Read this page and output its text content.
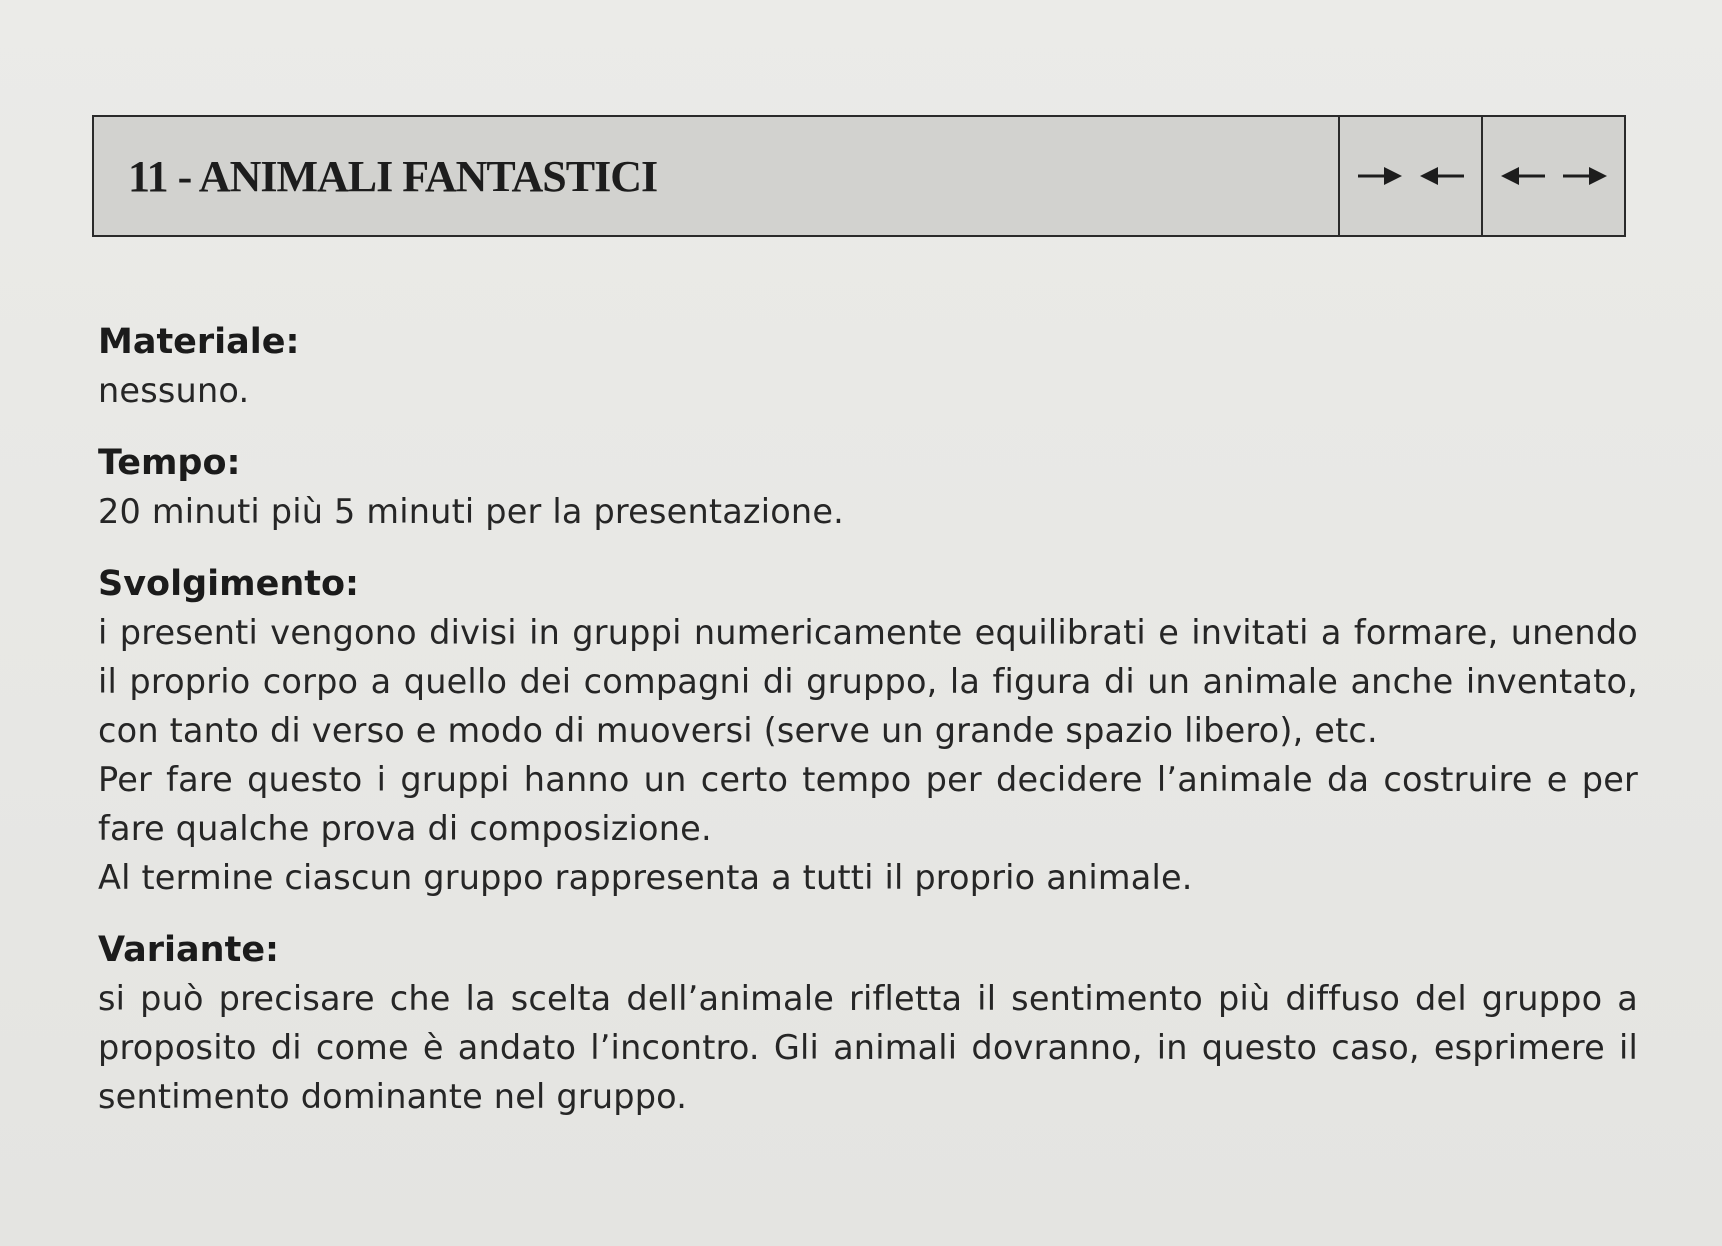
11 - ANIMALI FANTASTICI
Materiale:
nessuno.
Tempo:
20 minuti più 5 minuti per la presentazione.
Svolgimento:
i presenti vengono divisi in gruppi numericamente equilibrati e invitati a formare, unendo il proprio corpo a quello dei compagni di gruppo, la figura di un animale anche inventato, con tanto di verso e modo di muoversi (serve un grande spazio libero), etc.
Per fare questo i gruppi hanno un certo tempo per decidere l’animale da costruire e per fare qualche prova di composizione.
Al termine ciascun gruppo rappresenta a tutti il proprio animale.
Variante:
si può precisare che la scelta dell’animale rifletta il sentimento più diffuso del gruppo a proposito di come è andato l’incontro. Gli animali dovranno, in questo caso, esprimere il sentimento dominante nel gruppo.
